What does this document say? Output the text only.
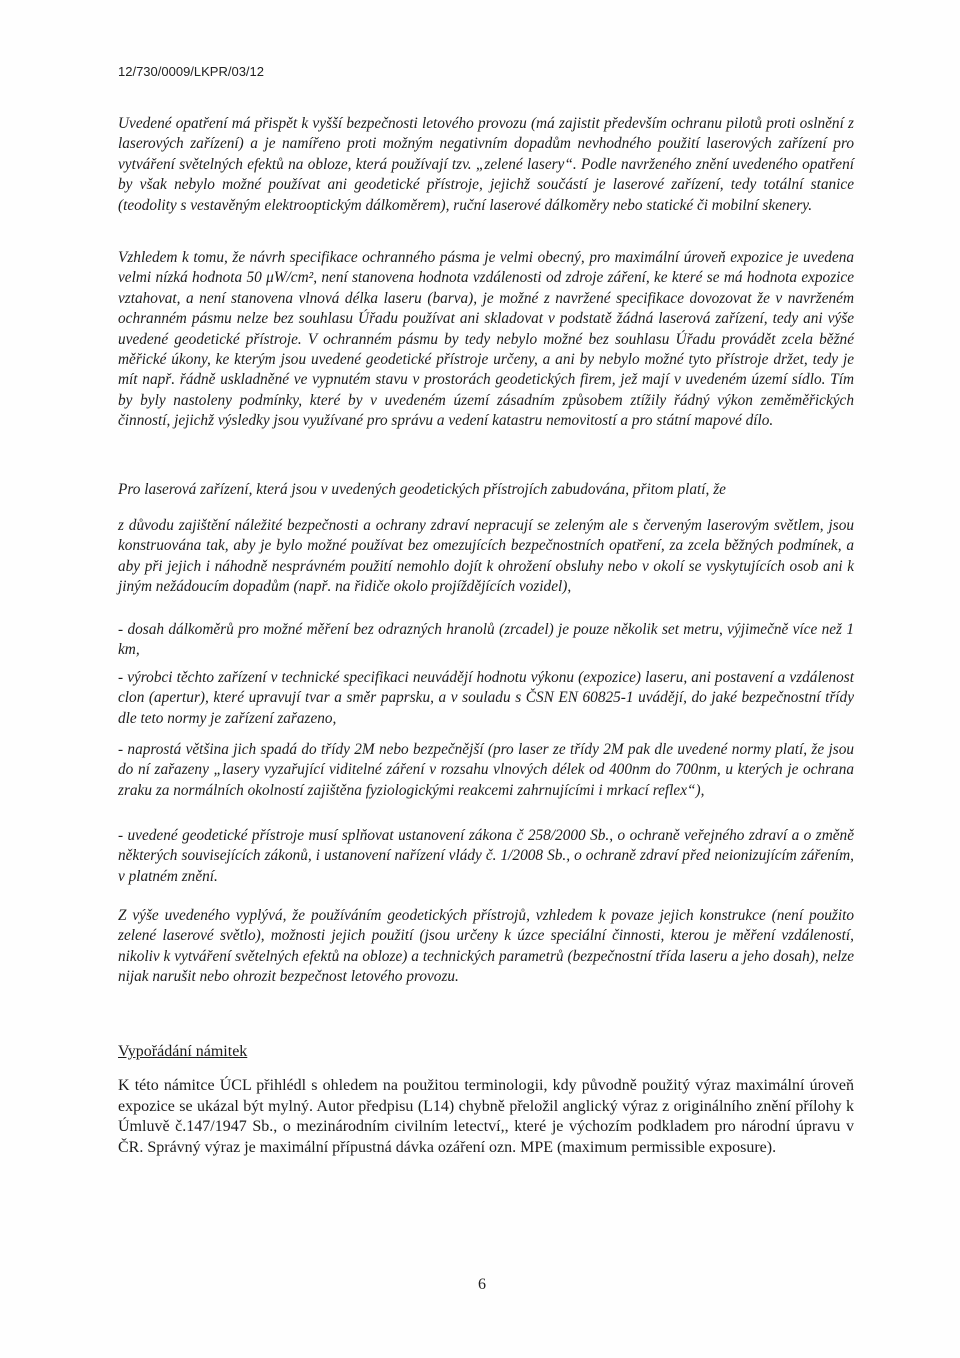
12/730/0009/LKPR/03/12
Uvedené opatření má přispět k vyšší bezpečnosti letového provozu (má zajistit především ochranu pilotů proti oslnění z laserových zařízení) a je namířeno proti možným negativním dopadům nevhodného použití laserových zařízení pro vytváření světelných efektů na obloze, která používají tzv. „zelené lasery“. Podle navrženého znění uvedeného opatření by však nebylo možné používat ani geodetické přístroje, jejichž součástí je laserové zařízení, tedy totální stanice (teodolity s vestavěným elektrooptickým dálkoměrem), ruční laserové dálkoměry nebo statické či mobilní skenery.
Vzhledem k tomu, že návrh specifikace ochranného pásma je velmi obecný, pro maximální úroveň expozice je uvedena velmi nízká hodnota 50 μW/cm², není stanovena hodnota vzdálenosti od zdroje záření, ke které se má hodnota expozice vztahovat, a není stanovena vlnová délka laseru (barva), je možné z navržené specifikace dovozovat že v navrženém ochranném pásmu nelze bez souhlasu Úřadu používat ani skladovat v podstatě žádná laserová zařízení, tedy ani výše uvedené geodetické přístroje. V ochranném pásmu by tedy nebylo možné bez souhlasu Úřadu provádět zcela běžné měřické úkony, ke kterým jsou uvedené geodetické přístroje určeny, a ani by nebylo možné tyto přístroje držet, tedy je mít např. řádně uskladněné ve vypnutém stavu v prostorách geodetických firem, jež mají v uvedeném území sídlo. Tím by byly nastoleny podmínky, které by v uvedeném území zásadním způsobem ztížily řádný výkon zeměměřických činností, jejichž výsledky jsou využívané pro správu a vedení katastru nemovitostí a pro státní mapové dílo.
Pro laserová zařízení, která jsou v uvedených geodetických přístrojích zabudována, přitom platí, že
z důvodu zajištění náležité bezpečnosti a ochrany zdraví nepracují se zeleným ale s červeným laserovým světlem, jsou konstruována tak, aby je bylo možné používat bez omezujících bezpečnostních opatření, za zcela běžných podmínek, a aby při jejich i náhodně nesprávném použití nemohlo dojít k ohrožení obsluhy nebo v okolí se vyskytujících osob ani k jiným nežádoucím dopadům (např. na řidiče okolo projíždějících vozidel),
- dosah dálkoměrů pro možné měření bez odrazných hranolů (zrcadel) je pouze několik set metru, výjimečně více než 1 km,
- výrobci těchto zařízení v technické specifikaci neuvádějí hodnotu výkonu (expozice) laseru, ani postavení a vzdálenost clon (apertur), které upravují tvar a směr paprsku, a v souladu s ČSN EN 60825-1 uvádějí, do jaké bezpečnostní třídy dle teto normy je zařízení zařazeno,
- naprostá většina jich spadá do třídy 2M nebo bezpečnější (pro laser ze třídy 2M pak dle uvedené normy platí, že jsou do ní zařazeny „lasery vyzařující viditelné záření v rozsahu vlnových délek od 400nm do 700nm, u kterých je ochrana zraku za normálních okolností zajištěna fyziologickými reakcemi zahrnujícími i mrkací reflex“),
- uvedené geodetické přístroje musí splňovat ustanovení zákona č 258/2000 Sb., o ochraně veřejného zdraví a o změně některých souvisejících zákonů, i ustanovení nařízení vlády č. 1/2008 Sb., o ochraně zdraví před neionizujícím zářením, v platném znění.
Z výše uvedeného vyplývá, že používáním geodetických přístrojů, vzhledem k povaze jejich konstrukce (není použito zelené laserové světlo), možnosti jejich použití (jsou určeny k úzce speciální činnosti, kterou je měření vzdáleností, nikoliv k vytváření světelných efektů na obloze) a technických parametrů (bezpečnostní třída laseru a jeho dosah), nelze nijak narušit nebo ohrozit bezpečnost letového provozu.
Vypořádání námitek
K této námitce ÚCL přihlédl s ohledem na použitou terminologii, kdy původně použitý výraz maximální úroveň expozice se ukázal být mylný. Autor předpisu (L14) chybně přeložil anglický výraz z originálního znění přílohy k Úmluvě č.147/1947 Sb., o mezinárodním civilním letectví,, které je výchozím podkladem pro národní úpravu v ČR. Správný výraz je maximální přípustná dávka ozáření ozn. MPE (maximum permissible exposure).
6
